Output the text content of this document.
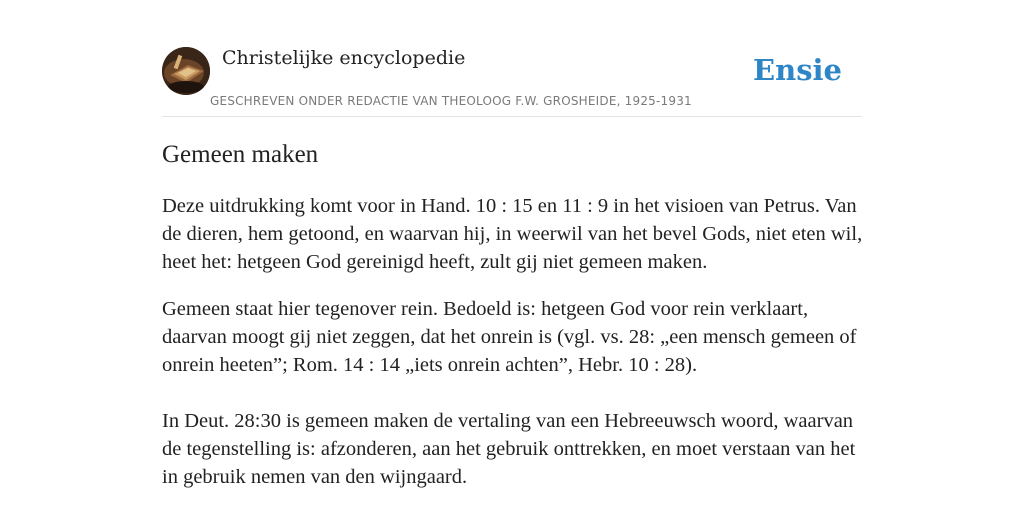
Christelijke encyclopedie
GESCHREVEN ONDER REDACTIE VAN THEOLOOG F.W. GROSHEIDE, 1925-1931
Ensie
Gemeen maken

Deze uitdrukking komt voor in Hand. 10 : 15 en 11 : 9 in het visioen van Petrus. Van de dieren, hem getoond, en waarvan hij, in weerwil van het bevel Gods, niet eten wil, heet het: hetgeen God gereinigd heeft, zult gij niet gemeen maken.

Gemeen staat hier tegenover rein. Bedoeld is: hetgeen God voor rein verklaart, daarvan moogt gij niet zeggen, dat het onrein is (vgl. vs. 28: „een mensch gemeen of onrein heeten”; Rom. 14 : 14 „iets onrein achten”, Hebr. 10 : 28).

In Deut. 28:30 is gemeen maken de vertaling van een Hebreeuwsch woord, waarvan de tegenstelling is: afzonderen, aan het gebruik onttrekken, en moet verstaan van het in gebruik nemen van den wijngaard.
